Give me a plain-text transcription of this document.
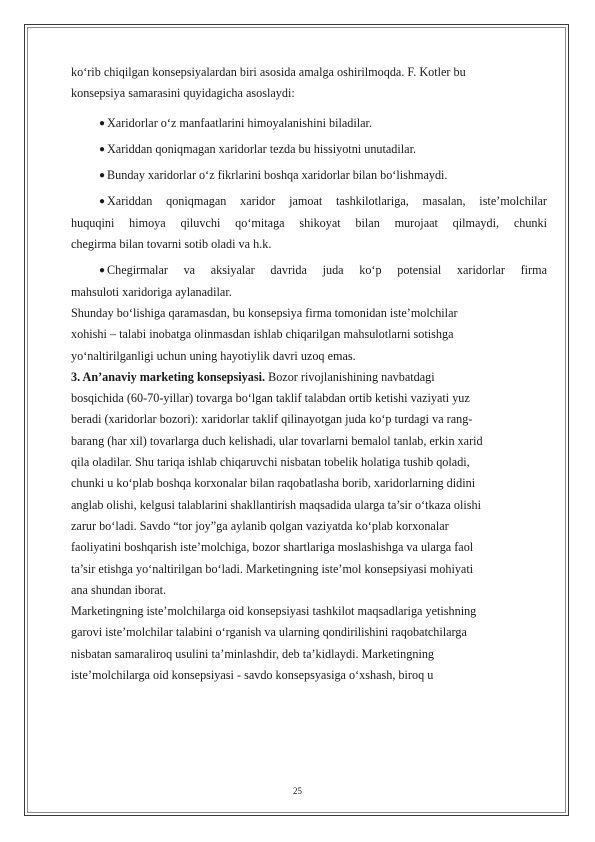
ko‘rib chiqilgan konsepsiyalardan biri asosida amalga oshirilmoqda. F. Kotler bu
konsepsiya samarasini quyidagicha asoslaydi:
● Xaridorlar o‘z manfaatlarini himoyalanishini biladilar.
● Xariddan qoniqmagan xaridorlar tezda bu hissiyotni unutadilar.
● Bunday xaridorlar o‘z fikrlarini boshqa xaridorlar bilan bo‘lishmaydi.
● Xariddan qoniqmagan xaridor jamoat tashkilotlariga, masalan, iste’molchilar
huquqini himoya qiluvchi qo‘mitaga shikoyat bilan murojaat qilmaydi, chunki
chegirma bilan tovarni sotib oladi va h.k.
● Chegirmalar va aksiyalar davrida juda ko‘p potensial xaridorlar firma
mahsuloti xaridoriga aylanadilar.
Shunday bo‘lishiga qaramasdan, bu konsepsiya firma tomonidan iste’molchilar
xohishi – talabi inobatga olinmasdan ishlab chiqarilgan mahsulotlarni sotishga
yo‘naltirilganligi uchun uning hayotiylik davri uzoq emas.
3. An’anaviy marketing konsepsiyasi. Bozor rivojlanishining navbatdagi
bosqichida (60-70-yillar) tovarga bo‘lgan taklif talabdan ortib ketishi vaziyati yuz
beradi (xaridorlar bozori): xaridorlar taklif qilinayotgan juda ko‘p turdagi va rang-
barang (har xil) tovarlarga duch kelishadi, ular tovarlarni bemalol tanlab, erkin xarid
qila oladilar. Shu tariqa ishlab chiqaruvchi nisbatan tobelik holatiga tushib qoladi,
chunki u ko‘plab boshqa korxonalar bilan raqobatlasha borib, xaridorlarning didini
anglab olishi, kelgusi talablarini shakllantirish maqsadida ularga ta’sir o‘tkaza olishi
zarur bo‘ladi. Savdo “tor joy”ga aylanib qolgan vaziyatda ko‘plab korxonalar
faoliyatini boshqarish iste’molchiga, bozor shartlariga moslashishga va ularga faol
ta’sir etishga yo‘naltirilgan bo‘ladi. Marketingning iste’mol konsepsiyasi mohiyati
ana shundan iborat.
Marketingning iste’molchilarga oid konsepsiyasi tashkilot maqsadlariga yetishning
garovi iste’molchilar talabini o‘rganish va ularning qondirilishini raqobatchilarga
nisbatan samaraliroq usulini ta’minlashdir, deb ta’kidlaydi. Marketingning
iste’molchilarga oid konsepsiyasi - savdo konsepsyasiga o‘xshash, biroq u
25
